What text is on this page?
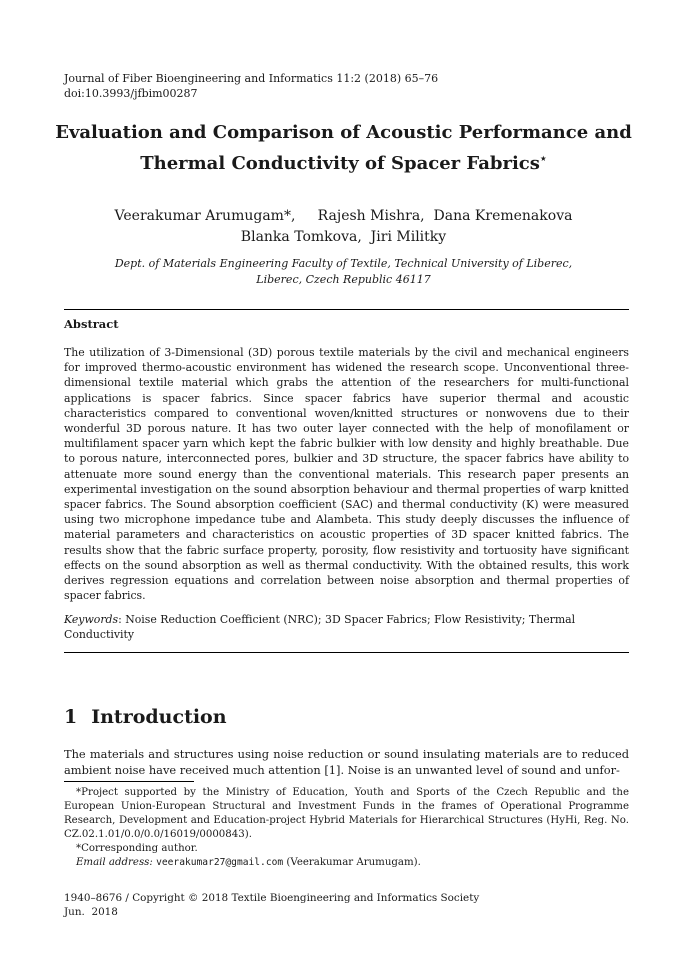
Journal of Fiber Bioengineering and Informatics 11:2 (2018) 65–76
doi:10.3993/jfbim00287
Evaluation and Comparison of Acoustic Performance and
Thermal Conductivity of Spacer Fabrics⋆
Veerakumar Arumugam*,     Rajesh Mishra,  Dana Kremenakova
Blanka Tomkova,  Jiri Militky
Dept. of Materials Engineering Faculty of Textile, Technical University of Liberec,
Liberec, Czech Republic 46117
Abstract
The utilization of 3-Dimensional (3D) porous textile materials by the civil and mechanical engineers for improved thermo-acoustic environment has widened the research scope. Unconventional three-dimensional textile material which grabs the attention of the researchers for multi-functional applications is spacer fabrics. Since spacer fabrics have superior thermal and acoustic characteristics compared to conventional woven/knitted structures or nonwovens due to their wonderful 3D porous nature. It has two outer layer connected with the help of monofilament or multifilament spacer yarn which kept the fabric bulkier with low density and highly breathable. Due to porous nature, interconnected pores, bulkier and 3D structure, the spacer fabrics have ability to attenuate more sound energy than the conventional materials. This research paper presents an experimental investigation on the sound absorption behaviour and thermal properties of warp knitted spacer fabrics. The Sound absorption coefficient (SAC) and thermal conductivity (K) were measured using two microphone impedance tube and Alambeta. This study deeply discusses the influence of material parameters and characteristics on acoustic properties of 3D spacer knitted fabrics. The results show that the fabric surface property, porosity, flow resistivity and tortuosity have significant effects on the sound absorption as well as thermal conductivity. With the obtained results, this work derives regression equations and correlation between noise absorption and thermal properties of spacer fabrics.
Keywords: Noise Reduction Coefficient (NRC); 3D Spacer Fabrics; Flow Resistivity; Thermal Conductivity
1 Introduction
The materials and structures using noise reduction or sound insulating materials are to reduced ambient noise have received much attention [1]. Noise is an unwanted level of sound and unfor-

*Project supported by the Ministry of Education, Youth and Sports of the Czech Republic and the European Union-European Structural and Investment Funds in the frames of Operational Programme Research, Development and Education-project Hybrid Materials for Hierarchical Structures (HyHi, Reg. No. CZ.02.1.01/0.0/0.0/16019/0000843).

*Corresponding author.

Email address: veerakumar27@gmail.com (Veerakumar Arumugam).

1940–8676 / Copyright © 2018 Textile Bioengineering and Informatics Society
Jun.  2018
